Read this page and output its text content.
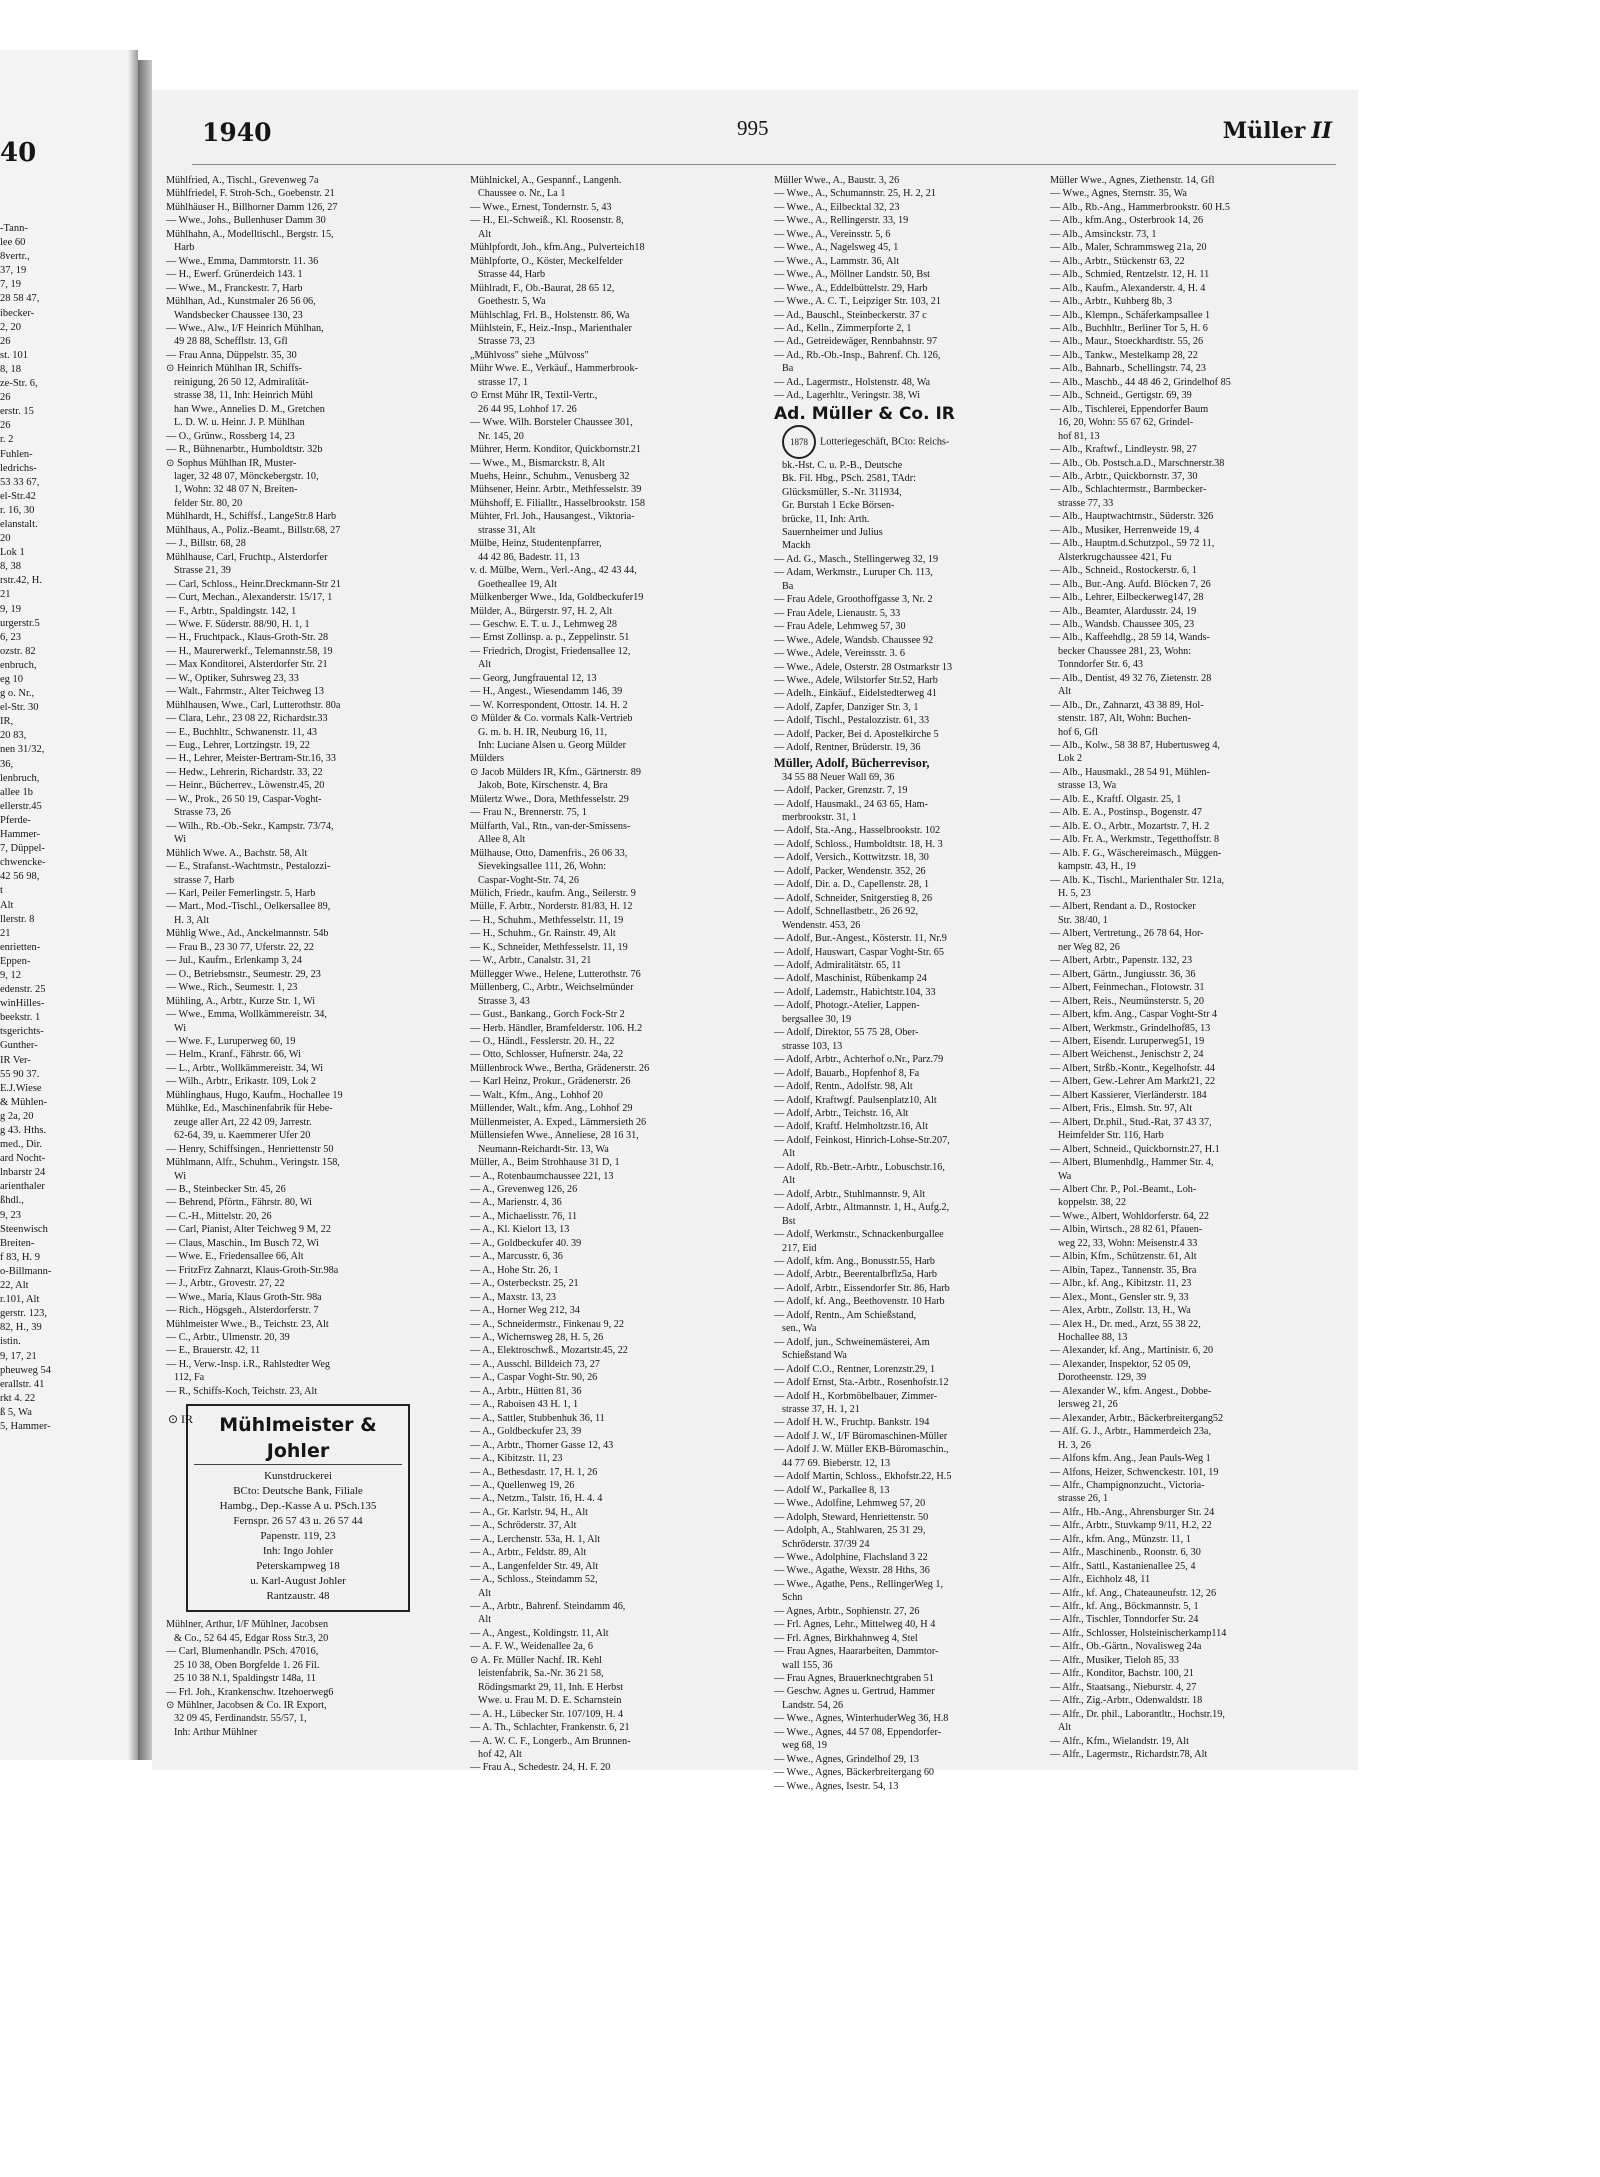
40
-Tann-
lee 60
8vertr.,
37, 19
7, 19
28 58 47,
ibecker-
2, 20
26
st. 101
8, 18
ze-Str. 6,
26
erstr. 15
26
r. 2
Fuhlen-
ledrichs-
53 33 67,
el-Str.42
r. 16, 30
elanstalt.
20
Lok 1
8, 38
rstr.42, H.
21
9, 19
urgerstr.5
6, 23
ozstr. 82
enbruch,
eg 10
g o. Nr.,
el-Str. 30
IR,
20 83,
nen 31/32,
36,
lenbruch,
allee 1b
ellerstr.45
Pferde-
Hammer-
7, Düppel-
chwencke-
42 56 98,
t
Alt
llerstr. 8
21
enrietten-
Eppen-
9, 12
edenstr. 25
winHilles-
beekstr. 1
tsgerichts-
Gunther-
IR Ver-
55 90 37.
E.J.Wiese
& Mühlen-
g 2a, 20
g 43. Hths.
med., Dir.
ard Nocht-
lnbarstr 24
arienthaler
ßhdl.,
9, 23
Steenwisch
Breiten-
f 83, H. 9
o-Billmann-
22, Alt
r.101, Alt
gerstr. 123,
82, H., 39
istin.
9, 17, 21
pheuweg 54
erallstr. 41
rkt 4. 22
ß 5, Wa
5, Hammer-
1940	995	Müller II
Mühlfried, A., Tischl., Grevenweg 7a
Mühlfriedel, F. Stroh-Sch., Goebenstr. 21
Mühlhäuser H., Billhorner Damm 126, 27
— Wwe., Johs., Bullenhuser Damm 30
Mühlhahn, A., Modelltischl., Bergstr. 15,
Harb
— Wwe., Emma, Dammtorstr. 11. 36
— H., Ewerf. Grünerdeich 143. 1
— Wwe., M., Franckestr. 7, Harb
Mühlhan, Ad., Kunstmaler 26 56 06,
Wandsbecker Chaussee 130, 23
— Wwe., Alw., I/F Heinrich Mühlhan,
49 28 88, Schefflstr. 13, Gfl
— Frau Anna, Düppelstr. 35, 30
⊙ Heinrich Mühlhan IR, Schiffs-
reinigung, 26 50 12, Admiralität-
strasse 38, 11, Inh: Heinrich Mühl
han Wwe., Annelies D. M., Gretchen
L. D. W. u. Heinr. J. P. Mühlhan
— O., Grünw., Rossberg 14, 23
— R., Bühnenarbtr., Humboldtstr. 32b
⊙ Sophus Mühlhan IR, Muster-
lager, 32 48 07, Mönckebergstr. 10,
1, Wohn: 32 48 07 N, Breiten-
felder Str. 80, 20
Mühlhardt, H., Schiffsf., LangeStr.8 Harb
Mühlhaus, A., Poliz.-Beamt., Billstr.68, 27
— J., Billstr. 68, 28
Mühlhause, Carl, Fruchtp., Alsterdorfer
Strasse 21, 39
— Carl, Schloss., Heinr.Dreckmann-Str 21
— Curt, Mechan., Alexanderstr. 15/17, 1
— F., Arbtr., Spaldingstr. 142, 1
— Wwe. F. Süderstr. 88/90, H. 1, 1
— H., Fruchtpack., Klaus-Groth-Str. 28
— H., Maurerwerkf., Telemannstr.58, 19
— Max Konditorei, Alsterdorfer Str. 21
— W., Optiker, Suhrsweg 23, 33
— Walt., Fahrmstr., Alter Teichweg 13
Mühlhausen, Wwe., Carl, Lutterothstr. 80a
— Clara, Lehr., 23 08 22, Richardstr.33
— E., Buchhltr., Schwanenstr. 11, 43
— Eug., Lehrer, Lortzingstr. 19, 22
— H., Lehrer, Meister-Bertram-Str.16, 33
— Hedw., Lehrerin, Richardstr. 33, 22
— Heinr., Bücherrev., Löwenstr.45, 20
— W., Prok., 26 50 19, Caspar-Voght-
Strasse 73, 26
— Wilh., Rb.-Ob.-Sekr., Kampstr. 73/74,
Wi
Mühlich Wwe. A., Bachstr. 58, Alt
— E., Strafanst.-Wachtmstr., Pestalozzi-
strasse 7, Harb
— Karl, Peiler Femerlingstr. 5, Harb
— Mart., Mod.-Tischl., Oelkersallee 89,
H. 3, Alt
Mühlig Wwe., Ad., Anckelmannstr. 54b
— Frau B., 23 30 77, Uferstr. 22, 22
— Jul., Kaufm., Erlenkamp 3, 24
— O., Betriebsmstr., Seumestr. 29, 23
— Wwe., Rich., Seumestr. 1, 23
Mühling, A., Arbtr., Kurze Str. 1, Wi
— Wwe., Emma, Wollkämmereistr. 34,
Wi
— Wwe. F., Luruperweg 60, 19
— Helm., Kranf., Fährstr. 66, Wi
— L., Arbtr., Wollkämmereistr. 34, Wi
— Wilh., Arbtr., Erikastr. 109, Lok 2
Mühlinghaus, Hugo, Kaufm., Hochallee 19
Mühlke, Ed., Maschinenfabrik für Hebe-
zeuge aller Art, 22 42 09, Jarrestr.
62-64, 39, u. Kaemmerer Ufer 20
— Henry, Schiffsingen., Henriettenstr 50
Mühlmann, Alfr., Schuhm., Veringstr. 158,
Wi
— B., Steinbecker Str. 45, 26
— Behrend, Pförtn., Fährstr. 80, Wi
— C.-H., Mittelstr. 20, 26
— Carl, Pianist, Alter Teichweg 9 M, 22
— Claus, Maschin., Im Busch 72, Wi
— Wwe. E., Friedensallee 66, Alt
— FritzFrz Zahnarzt, Klaus-Groth-Str.98a
— J., Arbtr., Grovestr. 27, 22
— Wwe., Maria, Klaus Groth-Str. 98a
— Rich., Högsgeh., Alsterdorferstr. 7
Mühlmeister Wwe., B., Teichstr. 23, Alt
— C., Arbtr., Ulmenstr. 20, 39
— E., Brauerstr. 42, 11
— H., Verw.-Insp. i.R., Rahlstedter Weg
112, Fa
— R., Schiffs-Koch, Teichstr. 23, Alt
⊙ IR	Mühlmeister & Johler
Kunstdruckerei
BCto: Deutsche Bank, Filiale
Hambg., Dep.-Kasse A u. PSch.135
Fernspr. 26 57 43 u. 26 57 44
Papenstr. 119, 23
Inh: Ingo Johler
Peterskampweg 18
u. Karl-August Johler
Rantzaustr. 48
Mühlner, Arthur, I/F Mühlner, Jacobsen
& Co., 52 64 45, Edgar Ross Str.3, 20
— Carl, Blumenhandlr. PSch. 47016,
25 10 38, Oben Borgfelde 1. 26 Fil.
25 10 38 N.1, Spaldingstr 148a, 11
— Frl. Joh., Krankenschw. Itzehoerweg6
⊙ Mühlner, Jacobsen & Co. IR Export,
32 09 45, Ferdinandstr. 55/57, 1,
Inh: Arthur Mühlner
Mühlnickel, A., Gespannf., Langenh.
Chaussee o. Nr., La 1
— Wwe., Ernest, Tondernstr. 5, 43
— H., El.-Schweiß., Kl. Roosenstr. 8,
Alt
Mühlpfordt, Joh., kfm.Ang., Pulverteich18
Mühlpforte, O., Köster, Meckelfelder
Strasse 44, Harb
Mühlradt, F., Ob.-Baurat, 28 65 12,
Goethestr. 5, Wa
Mühlschlag, Frl. B., Holstenstr. 86, Wa
Mühlstein, F., Heiz.-Insp., Marienthaler
Strasse 73, 23
„Mühlvoss" siehe „Mülvoss"
Mühr Wwe. E., Verkäuf., Hammerbrook-
strasse 17, 1
⊙ Ernst Mühr IR, Textil-Vertr.,
26 44 95, Lohhof 17. 26
— Wwe. Wilh. Borsteler Chaussee 301,
Nr. 145, 20
Mührer, Herm. Konditor, Quickbornstr.21
— Wwe., M., Bismarckstr. 8, Alt
Muehs, Heinr., Schuhm., Venusberg 32
Mühsener, Heinr. Arbtr., Methfesselstr. 39
Mühshoff, E. Filialltr., Hasselbrookstr. 158
Mühter, Frl. Joh., Hausangest., Viktoria-
strasse 31, Alt
Mülbe, Heinz, Studentenpfarrer,
44 42 86, Badestr. 11, 13
v. d. Mülbe, Wern., Verl.-Ang., 42 43 44,
Goetheallee 19, Alt
Mülkenberger Wwe., Ida, Goldbeckufer19
Mülder, A., Bürgerstr. 97, H. 2, Alt
— Geschw. E. T. u. J., Lehmweg 28
— Ernst Zollinsp. a. p., Zeppelinstr. 51
— Friedrich, Drogist, Friedensallee 12,
Alt
— Georg, Jungfrauental 12, 13
— H., Angest., Wiesendamm 146, 39
— W. Korrespondent, Ottostr. 14. H. 2
⊙ Mülder & Co. vormals Kalk-Vertrieb
G. m. b. H. IR, Neuburg 16, 11,
Inh: Luciane Alsen u. Georg Mülder
Mülders
⊙ Jacob Mülders IR, Kfm., Gärtnerstr. 89
Jakob, Bote, Kirschenstr. 4, Bra
Mülertz Wwe., Dora, Methfesselstr. 29
— Frau N., Brennerstr. 75, 1
Mülfarth, Val., Rtn., van-der-Smissens-
Allee 8, Alt
Mülhause, Otto, Damenfris., 26 06 33,
Sievekingsallee 111, 26, Wohn:
Caspar-Voght-Str. 74, 26
Mülich, Friedr., kaufm. Ang., Seilerstr. 9
Mülle, F. Arbtr., Norderstr. 81/83, H. 12
— H., Schuhm., Methfesselstr. 11, 19
— H., Schuhm., Gr. Rainstr. 49, Alt
— K., Schneider, Methfesselstr. 11, 19
— W., Arbtr., Canalstr. 31, 21
Müllegger Wwe., Helene, Lutterothstr. 76
Müllenberg, C., Arbtr., Weichselmünder
Strasse 3, 43
— Gust., Bankang., Gorch Fock-Str 2
— Herb. Händler, Bramfelderstr. 106. H.2
— O., Händl., Fesslerstr. 20. H., 22
— Otto, Schlosser, Hufnerstr. 24a, 22
Müllenbrock Wwe., Bertha, Grädenerstr. 26
— Karl Heinz, Prokur., Grädenerstr. 26
— Walt., Kfm., Ang., Lohhof 20
Müllender, Walt., kfm. Ang., Lohhof 29
Müllenmeister, A. Exped., Lämmersieth 26
Müllensiefen Wwe., Anneliese, 28 16 31,
Neumann-Reichardt-Str. 13, Wa
Müller, A., Beim Strohhause 31 D, 1
— A., Rotenbaumchaussee 221, 13
— A., Grevenweg 126, 26
— A., Marienstr. 4, 36
— A., Michaelisstr. 76, 11
— A., Kl. Kielort 13, 13
— A., Goldbeckufer 40. 39
— A., Marcusstr. 6, 36
— A., Hohe Str. 26, 1
— A., Osterbeckstr. 25, 21
— A., Maxstr. 13, 23
— A., Horner Weg 212, 34
— A., Schneidermstr., Finkenau 9, 22
— A., Wichernsweg 28, H. 5, 26
— A., Elektroschwß., Mozartstr.45, 22
— A., Ausschl. Billdeich 73, 27
— A., Caspar Voght-Str. 90, 26
— A., Arbtr., Hütten 81, 36
— A., Raboisen 43 H. 1, 1
— A., Sattler, Stubbenhuk 36, 11
— A., Goldbeckufer 23, 39
— A., Arbtr., Thorner Gasse 12, 43
— A., Kibitzstr. 11, 23
— A., Bethesdastr. 17, H. 1, 26
— A., Quellenweg 19, 26
— A., Netzm., Talstr. 16, H. 4. 4
— A., Gr. Karlstr. 94, H., Alt
— A., Schröderstr. 37, Alt
— A., Lerchenstr. 53a, H. 1, Alt
— A., Arbtr., Feldstr. 89, Alt
— A., Langenfelder Str. 49, Alt
— A., Schloss., Steindamm 52,
Alt
— A., Arbtr., Bahrenf. Steindamm 46,
Alt
— A., Angest., Koldingstr. 11, Alt
— A. F. W., Weidenallee 2a, 6
⊙ A. Fr. Müller Nachf. IR. Kehl
leistenfabrik, Sa.-Nr. 36 21 58,
Rödingsmarkt 29, 11, Inh. E Herbst
Wwe. u. Frau M. D. E. Scharnstein
— A. H., Lübecker Str. 107/109, H. 4
— A. Th., Schlachter, Frankenstr. 6, 21
— A. W. C. F., Longerb., Am Brunnen-
hof 42, Alt
— Frau A., Schedestr. 24, H. F. 20
Müller Wwe., A., Baustr. 3, 26
— Wwe., A., Schumannstr. 25, H. 2, 21
— Wwe., A., Eilbecktal 32, 23
— Wwe., A., Rellingerstr. 33, 19
— Wwe., A., Vereinsstr. 5, 6
— Wwe., A., Nagelsweg 45, 1
— Wwe., A., Lammstr. 36, Alt
— Wwe., A., Möllner Landstr. 50, Bst
— Wwe., A., Eddelbüttelstr. 29, Harb
— Wwe., A. C. T., Leipziger Str. 103, 21
— Ad., Bauschl., Steinbeckerstr. 37 c
— Ad., Kelln., Zimmerpforte 2, 1
— Ad., Getreidewäger, Rennbahnstr. 97
— Ad., Rb.-Ob.-Insp., Bahrenf. Ch. 126,
Ba
— Ad., Lagermstr., Holstenstr. 48, Wa
— Ad., Lagerhltr., Veringstr. 38, Wi
Ad. Müller & Co. IR
1878 Lotteriegeschäft, BCto: Reichs-
bk.-Hst. C. u. P.-B., Deutsche
Bk. Fil. Hbg., PSch. 2581, TAdr:
Glücksmüller, S.-Nr. 311934,
Gr. Burstah 1 Ecke Börsen-
brücke, 11, Inh: Arth.
Sauernheimer und Julius
Mackh
— Ad. G., Masch., Stellingerweg 32, 19
— Adam, Werkmstr., Luruper Ch. 113,
Ba
— Frau Adele, Groothoffgasse 3, Nr. 2
— Frau Adele, Lienaustr. 5, 33
— Frau Adele, Lehmweg 57, 30
— Wwe., Adele, Wandsb. Chaussee 92
— Wwe., Adele, Vereinsstr. 3. 6
— Wwe., Adele, Osterstr. 28 Ostmarkstr 13
— Wwe., Adele, Wilstorfer Str.52, Harb
— Adelh., Einkäuf., Eidelstedterweg 41
— Adolf, Zapfer, Danziger Str. 3, 1
— Adolf, Tischl., Pestalozzistr. 61, 33
— Adolf, Packer, Bei d. Apostelkirche 5
— Adolf, Rentner, Brüderstr. 19, 36
Müller, Adolf, Bücherrevisor,
34 55 88 Neuer Wall 69, 36
— Adolf, Packer, Grenzstr. 7, 19
— Adolf, Hausmakl., 24 63 65, Ham-
merbrookstr. 31, 1
— Adolf, Sta.-Ang., Hasselbrookstr. 102
— Adolf, Schloss., Humboldtstr. 18, H. 3
— Adolf, Versich., Kottwitzstr. 18, 30
— Adolf, Packer, Wendenstr. 352, 26
— Adolf, Dir. a. D., Capellenstr. 28, 1
— Adolf, Schneider, Snitgerstieg 8, 26
— Adolf, Schnellastbetr., 26 26 92,
Wendenstr. 453, 26
— Adolf, Bur.-Angest., Kösterstr. 11, Nr.9
— Adolf, Hauswart, Caspar Voght-Str. 65
— Adolf, Admiralitätstr. 65, 11
— Adolf, Maschinist, Rübenkamp 24
— Adolf, Lademstr., Habichtstr.104, 33
— Adolf, Photogr.-Atelier, Lappen-
bergsallee 30, 19
— Adolf, Direktor, 55 75 28, Ober-
strasse 103, 13
— Adolf, Arbtr., Achterhof o.Nr., Parz.79
— Adolf, Bauarb., Hopfenhof 8, Fa
— Adolf, Rentn., Adolfstr. 98, Alt
— Adolf, Kraftwgf. Paulsenplatz10, Alt
— Adolf, Arbtr., Teichstr. 16, Alt
— Adolf, Kraftf. Helmholtzstr.16, Alt
— Adolf, Feinkost, Hinrich-Lohse-Str.207,
Alt
— Adolf, Rb.-Betr.-Arbtr., Lobuschstr.16,
Alt
— Adolf, Arbtr., Stuhlmannstr. 9, Alt
— Adolf, Arbtr., Altmannstr. 1, H., Aufg.2,
Bst
— Adolf, Werkmstr., Schnackenburgallee
217, Eid
— Adolf, kfm. Ang., Bonusstr.55, Harb
— Adolf, Arbtr., Beerentalbrflz5a, Harb
— Adolf, Arbtr., Eissendorfer Str. 86, Harb
— Adolf, kf. Ang., Beethovenstr. 10 Harb
— Adolf, Rentn., Am Schießstand,
sen., Wa
— Adolf, jun., Schweinemästerei, Am
Schießstand Wa
— Adolf C.O., Rentner, Lorenzstr.29, 1
— Adolf Ernst, Sta.-Arbtr., Rosenhofstr.12
— Adolf H., Korbmöbelbauer, Zimmer-
strasse 37, H. 1, 21
— Adolf H. W., Fruchtp. Bankstr. 194
— Adolf J. W., I/F Büromaschinen-Müller
— Adolf J. W. Müller EKB-Büromaschin.,
44 77 69. Bieberstr. 12, 13
— Adolf Martin, Schloss., Ekhofstr.22, H.5
— Adolf W., Parkallee 8, 13
— Wwe., Adolfine, Lehmweg 57, 20
— Adolph, Steward, Henriettenstr. 50
— Adolph, A., Stahlwaren, 25 31 29,
Schröderstr. 37/39 24
— Wwe., Adolphine, Flachsland 3 22
— Wwe., Agathe, Wexstr. 28 Hths, 36
— Wwe., Agathe, Pens., RellingerWeg 1,
Schn
— Agnes, Arbtr., Sophienstr. 27, 26
— Frl. Agnes, Lehr., Mittelweg 40, H 4
— Frl. Agnes, Birkhahnweg 4, Stel
— Frau Agnes, Haararbeiten, Dammtor-
wall 155, 36
— Frau Agnes, Brauerknechtgraben 51
— Geschw. Agnes u. Gertrud, Hammer
Landstr. 54, 26
— Wwe., Agnes, WinterhuderWeg 36, H.8
— Wwe., Agnes, 44 57 08, Eppendorfer-
weg 68, 19
— Wwe., Agnes, Grindelhof 29, 13
— Wwe., Agnes, Bäckerbreitergang 60
— Wwe., Agnes, Isestr. 54, 13
Müller Wwe., Agnes, Ziethenstr. 14, Gfl
— Wwe., Agnes, Sternstr. 35, Wa
— Alb., Rb.-Ang., Hammerbrookstr. 60 H.5
— Alb., kfm.Ang., Osterbrook 14, 26
— Alb., Amsinckstr. 73, 1
— Alb., Maler, Schrammsweg 21a, 20
— Alb., Arbtr., Stückenstr 63, 22
— Alb., Schmied, Rentzelstr. 12, H. 11
— Alb., Kaufm., Alexanderstr. 4, H. 4
— Alb., Arbtr., Kuhberg 8b, 3
— Alb., Klempn., Schäferkampsallee 1
— Alb., Buchhltr., Berliner Tor 5, H. 6
— Alb., Maur., Stoeckhardtstr. 55, 26
— Alb., Tankw., Mestelkamp 28, 22
— Alb., Bahnarb., Schellingstr. 74, 23
— Alb., Maschb., 44 48 46 2, Grindelhof 85
— Alb., Schneid., Gertigstr. 69, 39
— Alb., Tischlerei, Eppendorfer Baum
16, 20, Wohn: 55 67 62, Grindel-
hof 81, 13
— Alb., Kraftwf., Lindleystr. 98, 27
— Alb., Ob. Postsch.a.D., Marschnerstr.38
— Alb., Arbtr., Quickbornstr. 37, 30
— Alb., Schlachtermstr., Barmbecker-
strasse 77, 33
— Alb., Hauptwachtmstr., Süderstr. 326
— Alb., Musiker, Herrenweide 19, 4
— Alb., Hauptm.d.Schutzpol., 59 72 11,
Alsterkrugchaussee 421, Fu
— Alb., Schneid., Rostockerstr. 6, 1
— Alb., Bur.-Ang. Aufd. Blöcken 7, 26
— Alb., Lehrer, Eilbeckerweg147, 28
— Alb., Beamter, Alardusstr. 24, 19
— Alb., Wandsb. Chaussee 305, 23
— Alb., Kaffeehdlg., 28 59 14, Wands-
becker Chaussee 281, 23, Wohn:
Tonndorfer Str. 6, 43
— Alb., Dentist, 49 32 76, Zietenstr. 28
Alt
— Alb., Dr., Zahnarzt, 43 38 89, Hol-
stenstr. 187, Alt, Wohn: Buchen-
hof 6, Gfl
— Alb., Kolw., 58 38 87, Hubertusweg 4,
Lok 2
— Alb., Hausmakl., 28 54 91, Mühlen-
strasse 13, Wa
— Alb. E., Kraftf. Olgastr. 25, 1
— Alb. E. A., Postinsp., Bogenstr. 47
— Alb. E. O., Arbtr., Mozartstr. 7, H. 2
— Alb. Fr. A., Werkmstr., Tegetthoffstr. 8
— Alb. F. G., Wäschereimasch., Müggen-
kampstr. 43, H., 19
— Alb. K., Tischl., Marienthaler Str. 121a,
H. 5, 23
— Albert, Rendant a. D., Rostocker
Str. 38/40, 1
— Albert, Vertretung., 26 78 64, Hor-
ner Weg 82, 26
— Albert, Arbtr., Papenstr. 132, 23
— Albert, Gärtn., Jungiusstr. 36, 36
— Albert, Feinmechan., Flotowstr. 31
— Albert, Reis., Neumünsterstr. 5, 20
— Albert, kfm. Ang., Caspar Voght-Str 4
— Albert, Werkmstr., Grindelhof85, 13
— Albert, Eisendr. Luruperweg51, 19
— Albert Weichenst., Jenischstr 2, 24
— Albert, Strßb.-Kontr., Kegelhofstr. 44
— Albert, Gew.-Lehrer Am Markt21, 22
— Albert Kassierer, Vierländerstr. 184
— Albert, Fris., Elmsh. Str. 97, Alt
— Albert, Dr.phil., Stud.-Rat, 37 43 37,
Heimfelder Str. 116, Harb
— Albert, Schneid., Quickbornstr.27, H.1
— Albert, Blumenhdlg., Hammer Str. 4,
Wa
— Albert Chr. P., Pol.-Beamt., Loh-
koppelstr. 38, 22
— Wwe., Albert, Wohldorferstr. 64, 22
— Albin, Wirtsch., 28 82 61, Pfauen-
weg 22, 33, Wohn: Meisenstr.4 33
— Albin, Kfm., Schützenstr. 61, Alt
— Albin, Tapez., Tannenstr. 35, Bra
— Albr., kf. Ang., Kibitzstr. 11, 23
— Alex., Mont., Gensler str. 9, 33
— Alex, Arbtr., Zollstr. 13, H., Wa
— Alex H., Dr. med., Arzt, 55 38 22,
Hochallee 88, 13
— Alexander, kf. Ang., Martinistr. 6, 20
— Alexander, Inspektor, 52 05 09,
Dorotheenstr. 129, 39
— Alexander W., kfm. Angest., Dobbe-
lersweg 21, 26
— Alexander, Arbtr., Bäckerbreitergang52
— Alf. G. J., Arbtr., Hammerdeich 23a,
H. 3, 26
— Alfons kfm. Ang., Jean Pauls-Weg 1
— Alfons, Heizer, Schwenckestr. 101, 19
— Alfr., Champignonzucht., Victoria-
strasse 26, 1
— Alfr., Hb.-Ang., Ahrensburger Str. 24
— Alfr., Arbtr., Stuvkamp 9/11, H.2, 22
— Alfr., kfm. Ang., Münzstr. 11, 1
— Alfr., Maschinenb., Roonstr. 6, 30
— Alfr., Sattl., Kastanienallee 25, 4
— Alfr., Eichholz 48, 11
— Alfr., kf. Ang., Chateauneufstr. 12, 26
— Alfr., kf. Ang., Böckmannstr. 5, 1
— Alfr., Tischler, Tonndorfer Str. 24
— Alfr., Schlosser, Holsteinischerkamp114
— Alfr., Ob.-Gärtn., Novalisweg 24a
— Alfr., Musiker, Tieloh 85, 33
— Alfr., Konditor, Bachstr. 100, 21
— Alfr., Staatsang., Nieburstr. 4, 27
— Alfr., Zig.-Arbtr., Odenwaldstr. 18
— Alfr., Dr. phil., Laborantltr., Hochstr.19,
Alt
— Alfr., Kfm., Wielandstr. 19, Alt
— Alfr., Lagermstr., Richardstr.78, Alt
